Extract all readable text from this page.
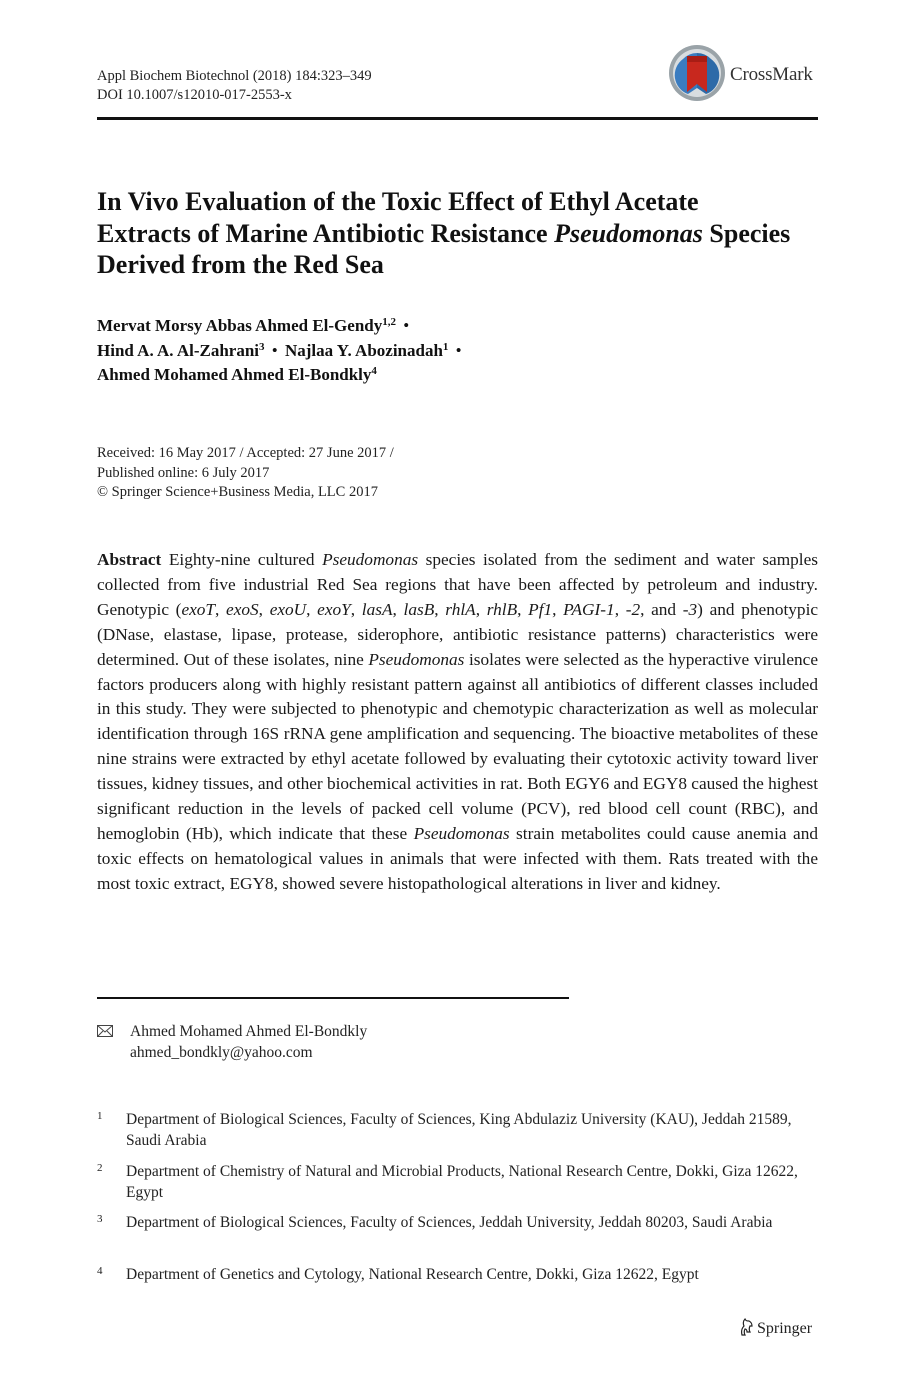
Appl Biochem Biotechnol (2018) 184:323–349
DOI 10.1007/s12010-017-2553-x
CrossMark
In Vivo Evaluation of the Toxic Effect of Ethyl Acetate Extracts of Marine Antibiotic Resistance Pseudomonas Species Derived from the Red Sea
Mervat Morsy Abbas Ahmed El-Gendy$^{1,2}$ •
Hind A. A. Al-Zahrani$^3$ • Najlaa Y. Abozinadah$^1$ •
Ahmed Mohamed Ahmed El-Bondkly$^4$
Received: 16 May 2017 / Accepted: 27 June 2017 /
Published online: 6 July 2017
© Springer Science+Business Media, LLC 2017
Abstract Eighty-nine cultured Pseudomonas species isolated from the sediment and water samples collected from five industrial Red Sea regions that have been affected by petroleum and industry. Genotypic (exoT, exoS, exoU, exoY, lasA, lasB, rhlA, rhlB, Pf1, PAGI-1, -2, and -3) and phenotypic (DNase, elastase, lipase, protease, siderophore, antibiotic resistance patterns) characteristics were determined. Out of these isolates, nine Pseudomonas isolates were selected as the hyperactive virulence factors producers along with highly resistant pattern against all antibiotics of different classes included in this study. They were subjected to phenotypic and chemotypic characterization as well as molecular identification through 16S rRNA gene amplification and sequencing. The bioactive metabolites of these nine strains were extracted by ethyl acetate followed by evaluating their cytotoxic activity toward liver tissues, kidney tissues, and other biochemical activities in rat. Both EGY6 and EGY8 caused the highest significant reduction in the levels of packed cell volume (PCV), red blood cell count (RBC), and hemoglobin (Hb), which indicate that these Pseudomonas strain metabolites could cause anemia and toxic effects on hematological values in animals that were infected with them. Rats treated with the most toxic extract, EGY8, showed severe histopathological alterations in liver and kidney.
Ahmed Mohamed Ahmed El-Bondkly
ahmed_bondkly@yahoo.com
1 Department of Biological Sciences, Faculty of Sciences, King Abdulaziz University (KAU), Jeddah 21589, Saudi Arabia
2 Department of Chemistry of Natural and Microbial Products, National Research Centre, Dokki, Giza 12622, Egypt
3 Department of Biological Sciences, Faculty of Sciences, Jeddah University, Jeddah 80203, Saudi Arabia
4 Department of Genetics and Cytology, National Research Centre, Dokki, Giza 12622, Egypt
Springer
